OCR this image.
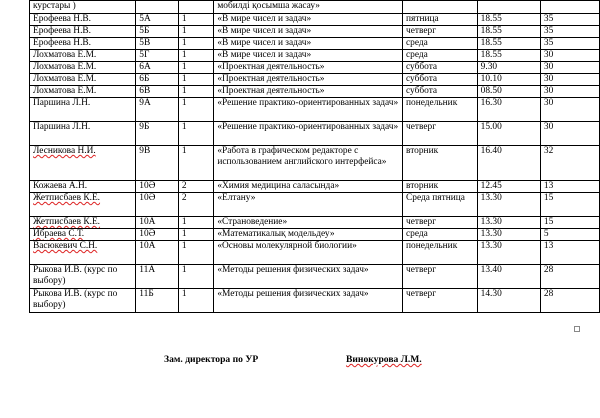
курстары )			мобилді қосымша жасау»			
Ерофеева Н.В.	5А	1	«В мире чисел и задач»	пятница	18.55	35
Ерофеева Н.В.	5Б	1	«В мире чисел и задач»	четверг	18.55	35
Ерофеева Н.В.	5В	1	«В мире чисел и задач»	среда	18.55	35
Лохматова Е.М.	5Г	1	«В мире чисел и задач»	среда	18.55	30
Лохматова Е.М.	6А	1	«Проектная деятельность»	суббота	9.30	30
Лохматова Е.М.	6Б	1	«Проектная деятельность»	суббота	10.10	30
Лохматова Е.М.	6В	1	«Проектная деятельность»	суббота	08.50	30
Паршина Л.Н.	9А	1	«Решение практико-ориентированных задач»	понедельник	16.30	30
Паршина Л.Н.	9Б	1	«Решение практико-ориентированных задач»	четверг	15.00	30
Лесникова Н.И.	9В	1	«Работа в графическом редакторе с использованием английского интерфейса»	вторник	16.40	32
Кожаева А.Н.	10Ә	2	«Химия медицина саласында»	вторник	12.45	13
Жетписбаев К.Е.	10Ә	2	«Елтану»	Среда пятница	13.30	15
Жетписбаев К.Е.	10А	1	«Страноведение»	четверг	13.30	15
Ибраева С.Т.	10Ә	1	«Математикалық модельдеу»	среда	13.30	5
Васюкевич С.Н.	10А	1	«Основы молекулярной биологии»	понедельник	13.30	13
Рыкова И.В. (курс по выбору)	11А	1	«Методы решения физических задач»	четверг	13.40	28
Рыкова И.В. (курс по выбору)	11Б	1	«Методы решения физических задач»	четверг	14.30	28
Зам. директора по УР	Винокурова Л.М.
